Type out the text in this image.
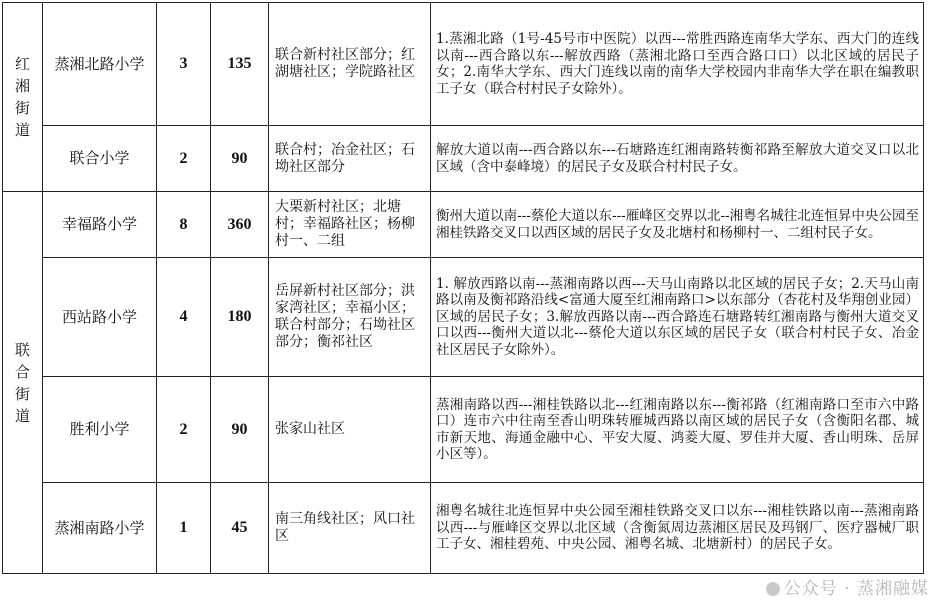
红湘街道	蒸湘北路小学	3	135	联合新村社区部分；红湖塘社区；学院路社区	1.蒸湘北路（1号-45号市中医院）以西---常胜西路连南华大学东、西大门的连线以南---西合路以东---解放西路（蒸湘北路口至西合路口口）以北区域的居民子女；2.南华大学东、西大门连线以南的南华大学校园内非南华大学在职在编教职工子女（联合村村民子女除外）。
	联合小学	2	90	联合村；冶金社区；石坳社区部分	解放大道以南---西合路以东---石塘路连红湘南路转衡祁路至解放大道交叉口以北区域（含中泰峰境）的居民子女及联合村村民子女。
联合街道	幸福路小学	8	360	大栗新村社区；北塘村；幸福路社区；杨柳村一、二组	衡州大道以南---蔡伦大道以东---雁峰区交界以北--湘粤名城往北连恒昇中央公园至湘桂铁路交叉口以西区域的居民子女及北塘村和杨柳村一、二组村民子女。
	西站路小学	4	180	岳屏新村社区部分；洪家湾社区；幸福小区；联合村部分；石坳社区部分；衡祁社区	1. 解放西路以南---蒸湘南路以西---天马山南路以北区域的居民子女；2.天马山南路以南及衡祁路沿线<富通大厦至红湘南路口>以东部分（杏花村及华翔创业园）区域的居民子女；3.解放西路以南---西合路连石塘路转红湘南路与衡州大道交叉口以西---衡州大道以北---蔡伦大道以东区域的居民子女（联合村村民子女、冶金社区居民子女除外）。
	胜利小学	2	90	张家山社区	蒸湘南路以西---湘桂铁路以北---红湘南路以东---衡祁路（红湘南路口至市六中路口）连市六中往南至香山明珠转雁城西路以南区域的居民子女（含衡阳名郡、城市新天地、海通金融中心、平安大厦、鸿菱大厦、罗佳并大厦、香山明珠、岳屏小区等）。
	蒸湘南路小学	1	45	南三角线社区；风口社区	湘粤名城往北连恒昇中央公园至湘桂铁路交叉口以东---湘桂铁路以南---蒸湘南路以西---与雁峰区交界以北区域（含衡氮周边蒸湘区居民及玛钢厂、医疗器械厂职工子女、湘桂碧苑、中央公园、湘粤名城、北塘新村）的居民子女。
公众号 · 蒸湘融媒
